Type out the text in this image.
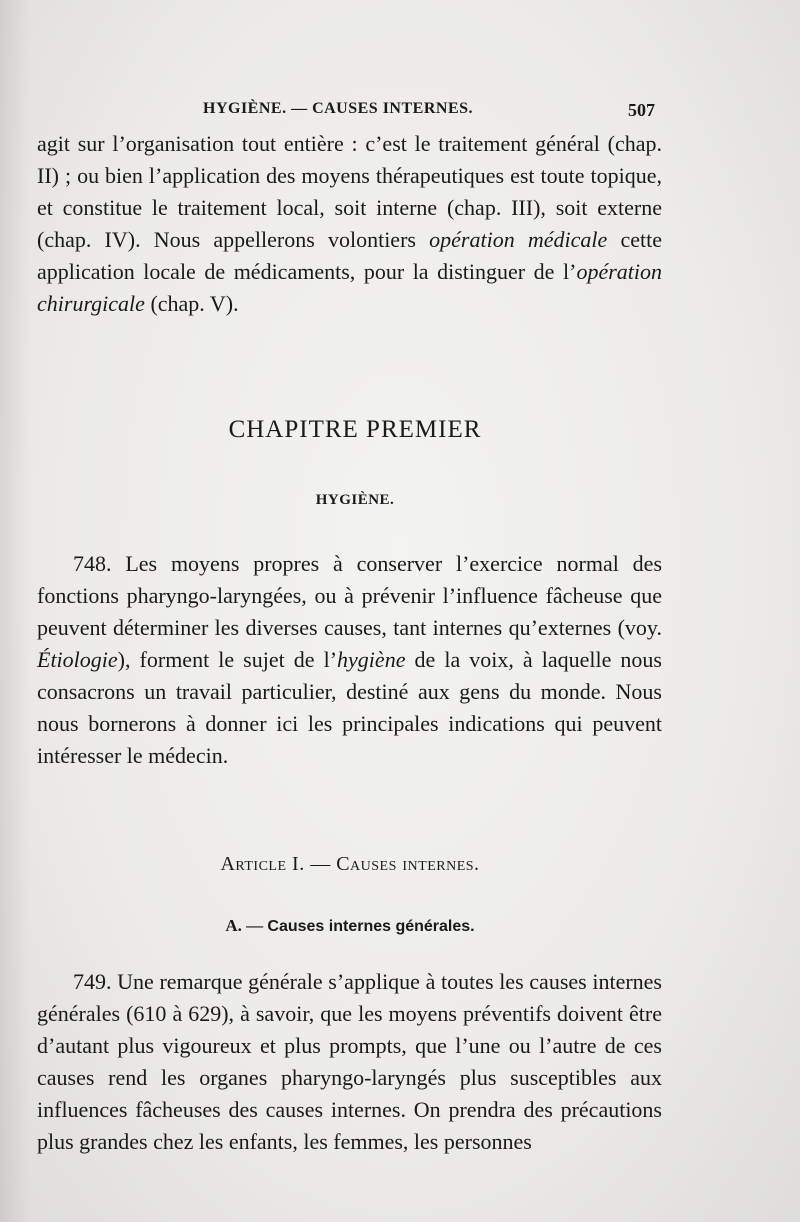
HYGIÈNE. — CAUSES INTERNES.	507
agit sur l’organisation tout entière : c’est le traitement général (chap. II) ; ou bien l’application des moyens thérapeutiques est toute topique, et constitue le traitement local, soit interne (chap. III), soit externe (chap. IV). Nous appellerons volontiers opération médicale cette application locale de médicaments, pour la distinguer de l’opération chirurgicale (chap. V).
CHAPITRE PREMIER
HYGIÈNE.
748. Les moyens propres à conserver l’exercice normal des fonctions pharyngo-laryngées, ou à prévenir l’influence fâcheuse que peuvent déterminer les diverses causes, tant internes qu’externes (voy. Étiologie), forment le sujet de l’hygiène de la voix, à laquelle nous consacrons un travail particulier, destiné aux gens du monde. Nous nous bornerons à donner ici les principales indications qui peuvent intéresser le médecin.
Article I. — Causes internes.
A. — Causes internes générales.
749. Une remarque générale s’applique à toutes les causes internes générales (610 à 629), à savoir, que les moyens préventifs doivent être d’autant plus vigoureux et plus prompts, que l’une ou l’autre de ces causes rend les organes pharyngo-laryngés plus susceptibles aux influences fâcheuses des causes internes. On prendra des précautions plus grandes chez les enfants, les femmes, les personnes
